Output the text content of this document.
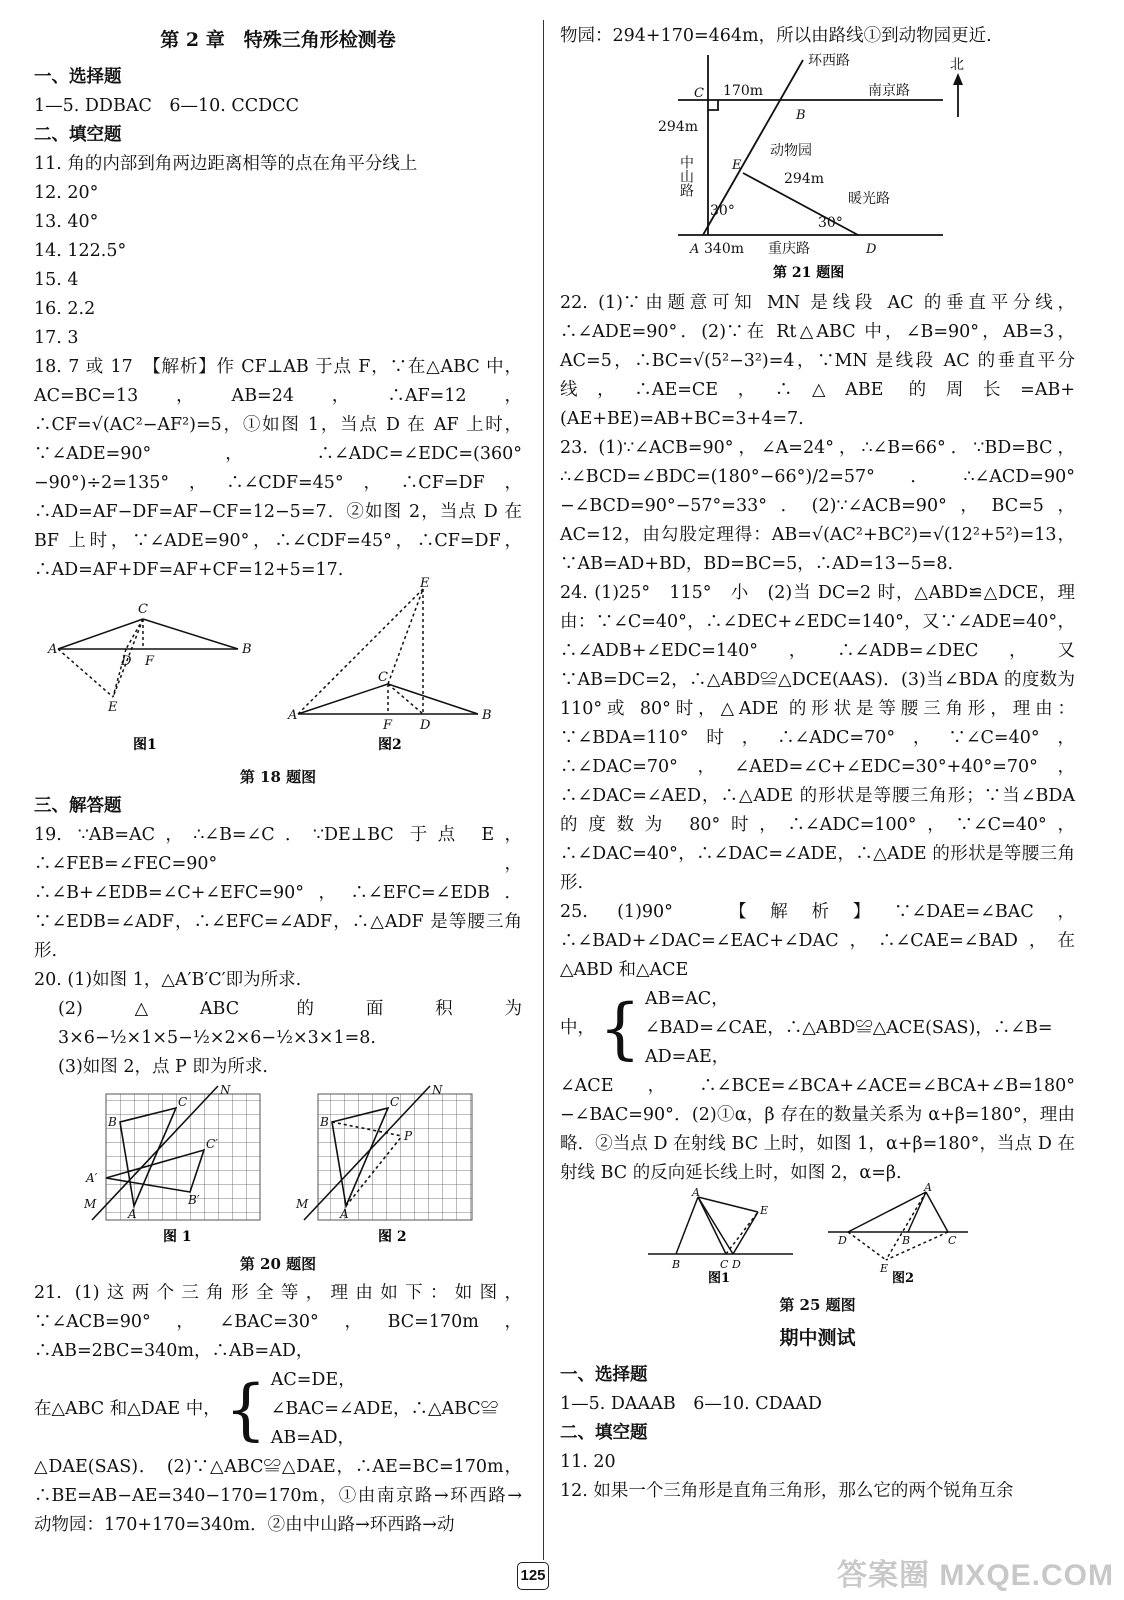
第 2 章　特殊三角形检测卷
一、选择题

1—5. DDBAC　6—10. CCDCC

二、填空题

11. 角的内部到角两边距离相等的点在角平分线上

12. 20°

13. 40°

14. 122.5°

15. 4

16. 2.2

17. 3

18. 7 或 17　【解析】作 CF⊥AB 于点 F，∵在△ABC 中，AC=BC=13，AB=24，∴AF=12，∴CF=√(AC²−AF²)=5，①如图 1，当点 D 在 AF 上时，∵∠ADE=90°，∴∠ADC=∠EDC=(360°−90°)÷2=135°，∴∠CDF=45°，∴CF=DF，∴AD=AF−DF=AF−CF=12−5=7．②如图 2，当点 D 在 BF 上时，∵∠ADE=90°，∴∠CDF=45°，∴CF=DF，∴AD=AF+DF=AF+CF=12+5=17.

A	B
C
D F
E
A	B
C
F D
E
图1	图2
第 18 题图
三、解答题

19. ∵AB=AC，∴∠B=∠C．∵DE⊥BC 于点 E，∴∠FEB=∠FEC=90°，∴∠B+∠EDB=∠C+∠EFC=90°，∴∠EFC=∠EDB．∵∠EDB=∠ADF，∴∠EFC=∠ADF，∴△ADF 是等腰三角形.

20. (1)如图 1，△A′B′C′即为所求.

(2)△ABC 的面积为 3×6−½×1×5−½×2×6−½×3×1=8.

(3)如图 2，点 P 即为所求.

B
C
A
A′
C′
B′
M
N
B
C
A
P
M
N
图 1	图 2
第 20 题图

21. (1)这两个三角形全等，理由如下：如图，∵∠ACB=90°，∠BAC=30°，BC=170m，∴AB=2BC=340m，∴AB=AD，

在△ABC 和△DAE 中， { AC=DE，
∠BAC=∠ADE，∴△ABC≌
AB=AD，

△DAE(SAS)．　(2)∵△ABC≌△DAE，∴AE=BC=170m，∴BE=AB−AE=340−170=170m，①由南京路→环西路→动物园：170+170=340m．②由中山路→环西路→动

物园：294+170=464m，所以由路线①到动物园更近.

C
B
E
A	D
环西路
南京路
北
170m
294m
中山路
动物园
294m
暖光路
30°
30°
340m 重庆路
第 21 题图

22. (1)∵由题意可知 MN 是线段 AC 的垂直平分线，∴∠ADE=90°．(2)∵在 Rt△ABC 中，∠B=90°，AB=3，AC=5，∴BC=√(5²−3²)=4，∵MN 是线段 AC 的垂直平分线，∴AE=CE，∴△ABE 的周长=AB+(AE+BE)=AB+BC=3+4=7.

23. (1)∵∠ACB=90°，∠A=24°，∴∠B=66°．∵BD=BC，∴∠BCD=∠BDC=(180°−66°)/2=57°．∴∠ACD=90°−∠BCD=90°−57°=33°．(2)∵∠ACB=90°，BC=5，AC=12，由勾股定理得：AB=√(AC²+BC²)=√(12²+5²)=13，∵AB=AD+BD，BD=BC=5，∴AD=13−5=8.

24. (1)25°　115°　小　(2)当 DC=2 时，△ABD≌△DCE，理由：∵∠C=40°，∴∠DEC+∠EDC=140°，又∵∠ADE=40°，∴∠ADB+∠EDC=140°，∴∠ADB=∠DEC，又∵AB=DC=2，∴△ABD≌△DCE(AAS)．(3)当∠BDA 的度数为 110°或 80°时，△ADE 的形状是等腰三角形，理由：∵∠BDA=110°时，∴∠ADC=70°，∵∠C=40°，∴∠DAC=70°，∠AED=∠C+∠EDC=30°+40°=70°，∴∠DAC=∠AED，∴△ADE 的形状是等腰三角形；∵当∠BDA 的度数为 80°时，∴∠ADC=100°，∵∠C=40°，∴∠DAC=40°，∴∠DAC=∠ADE，∴△ADE 的形状是等腰三角形.

25. (1)90°　【解析】∵∠DAE=∠BAC，∴∠BAD+∠DAC=∠EAC+∠DAC，∴∠CAE=∠BAD，在△ABD 和△ACE

中， { AB=AC，
∠BAD=∠CAE，∴△ABD≌△ACE(SAS)，∴∠B=
AD=AE，

∠ACE，∴∠BCE=∠BCA+∠ACE=∠BCA+∠B=180°−∠BAC=90°．(2)①α，β 存在的数量关系为 α+β=180°，理由略．②当点 D 在射线 BC 上时，如图 1，α+β=180°，当点 D 在射线 BC 的反向延长线上时，如图 2，α=β.

A
B	C D
E
A
D	B	C
E
图1	图2
第 25 题图
期中测试
一、选择题

1—5. DAAAB　6—10. CDAAD

二、填空题

11. 20

12. 如果一个三角形是直角三角形，那么它的两个锐角互余

125	答案圈 MXQE.COM
